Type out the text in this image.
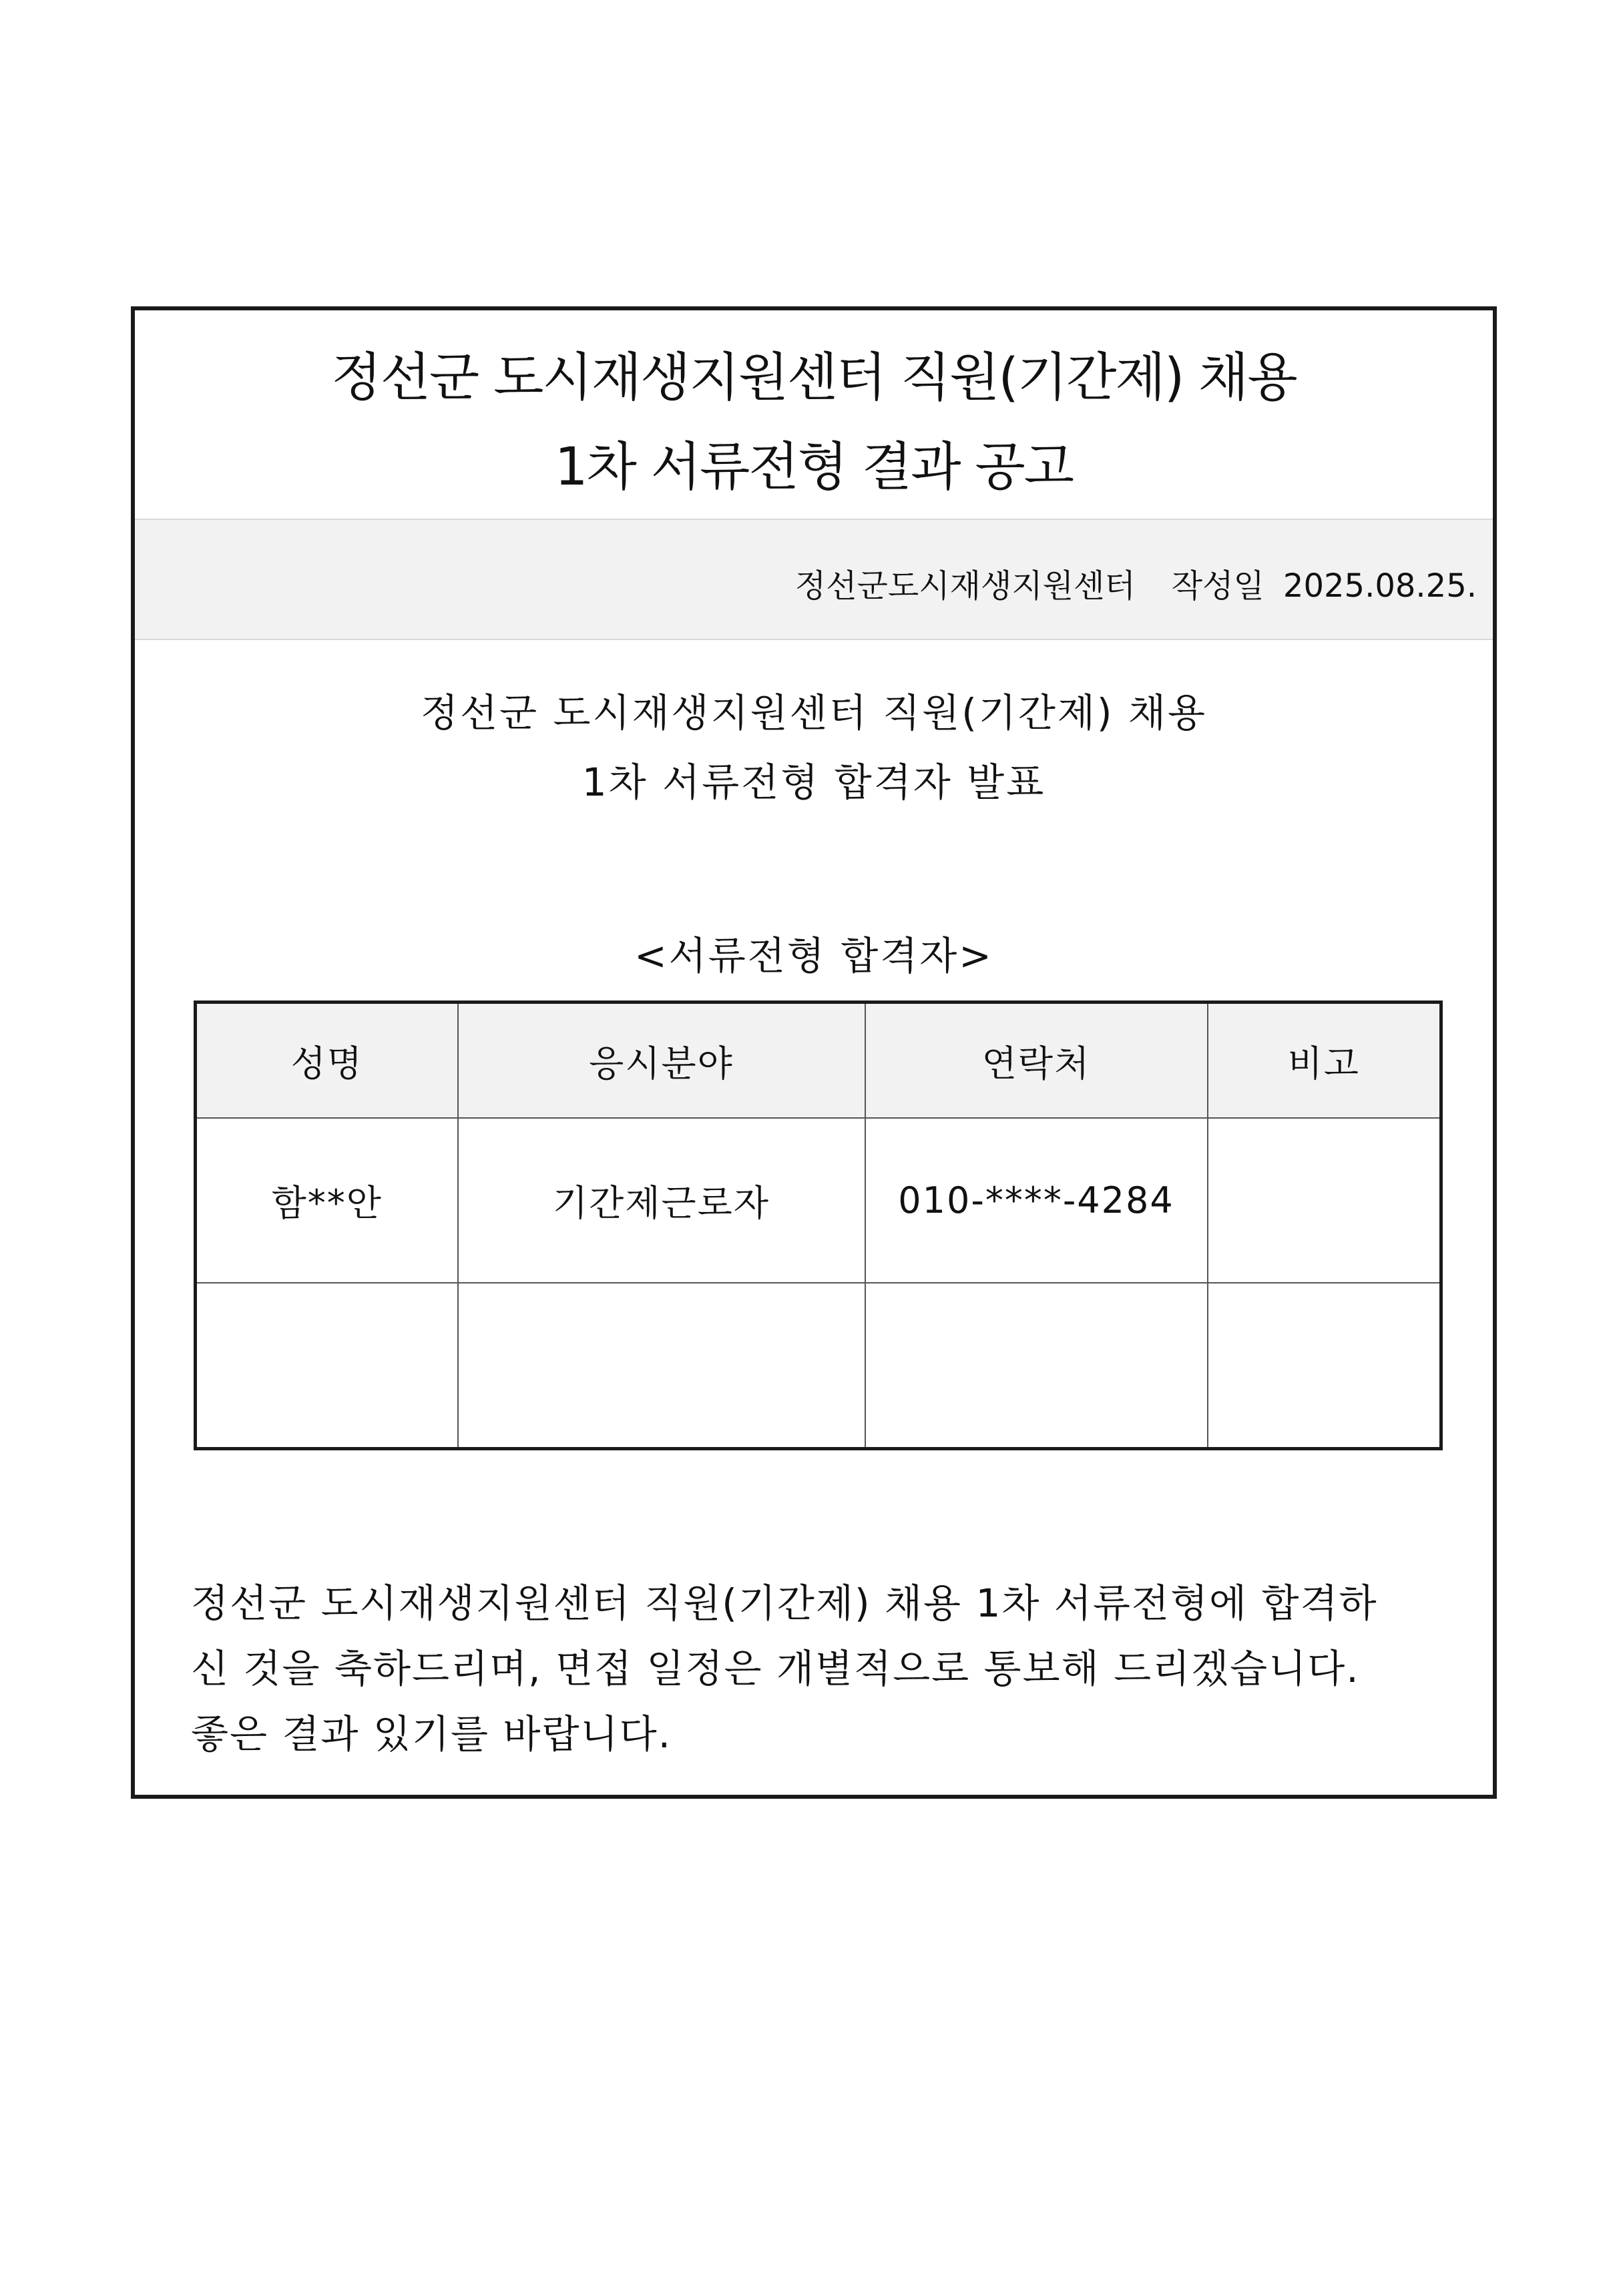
정선군 도시재생지원센터 직원(기간제) 채용
1차 서류전형 결과 공고
정선군도시재생지원센터 작성일 2025.08.25.
정선군 도시재생지원센터 직원(기간제) 채용
1차 서류전형 합격자 발표
<서류전형 합격자>
성명	응시분야	연락처	비고
함**안	기간제근로자	010-****-4284	

정선군 도시재생지원센터 직원(기간제) 채용 1차 서류전형에 합격하
신 것을 축하드리며, 면접 일정은 개별적으로 통보해 드리겠습니다.
좋은 결과 있기를 바랍니다.
